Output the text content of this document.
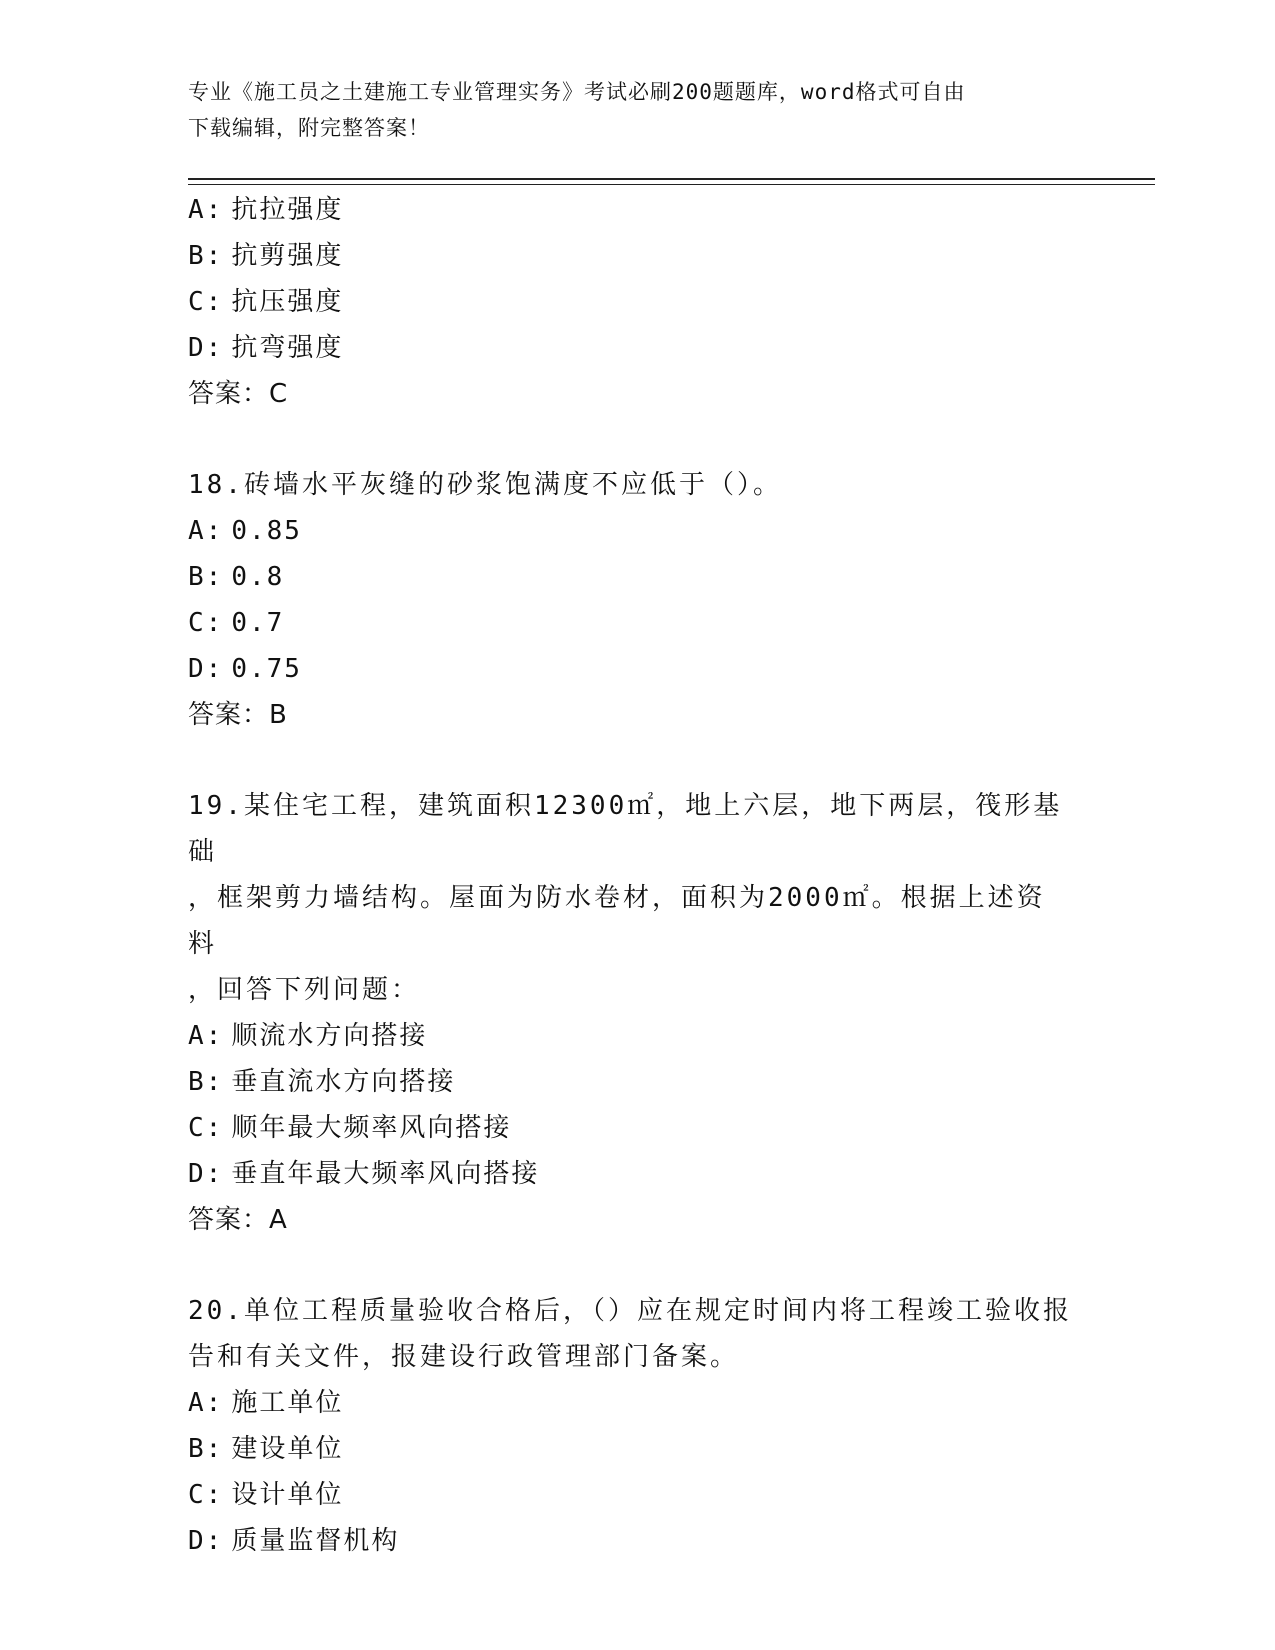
专业《施工员之土建施工专业管理实务》考试必刷200题题库，word格式可自由
下载编辑，附完整答案！
A: 抗拉强度
B: 抗剪强度
C: 抗压强度
D: 抗弯强度
答案：C
18.砖墙水平灰缝的砂浆饱满度不应低于（）。
A: 0.85
B: 0.8
C: 0.7
D: 0.75
答案：B
19.某住宅工程，建筑面积12300㎡，地上六层，地下两层，筏形基础
，框架剪力墙结构。屋面为防水卷材，面积为2000㎡。根据上述资料
，回答下列问题：
A: 顺流水方向搭接
B: 垂直流水方向搭接
C: 顺年最大频率风向搭接
D: 垂直年最大频率风向搭接
答案：A
20.单位工程质量验收合格后，（）应在规定时间内将工程竣工验收报
告和有关文件，报建设行政管理部门备案。
A: 施工单位
B: 建设单位
C: 设计单位
D: 质量监督机构
